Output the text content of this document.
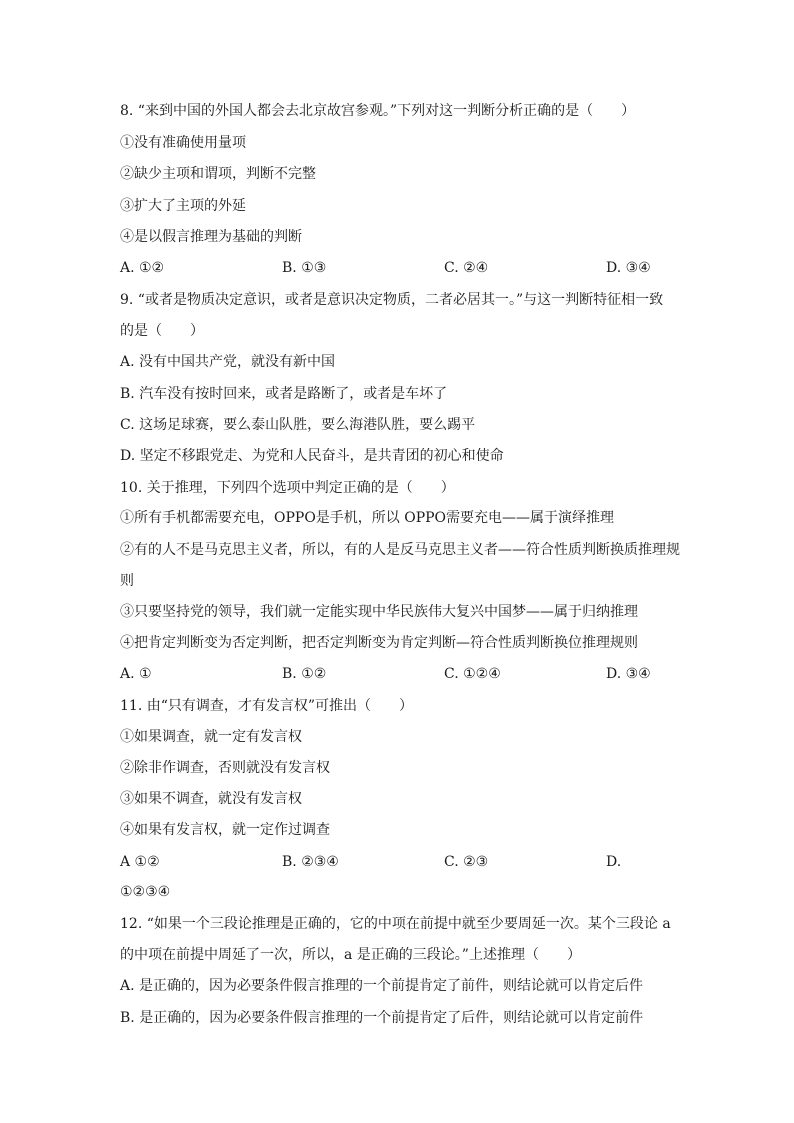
8. “来到中国的外国人都会去北京故宫参观。”下列对这一判断分析正确的是（　　）
①没有准确使用量项
②缺少主项和谓项，判断不完整
③扩大了主项的外延
④是以假言推理为基础的判断
A. ①②	B. ①③	C. ②④	D. ③④
9. “或者是物质决定意识，或者是意识决定物质，二者必居其一。”与这一判断特征相一致
的是（　　）
A. 没有中国共产党，就没有新中国
B. 汽车没有按时回来，或者是路断了，或者是车坏了
C. 这场足球赛，要么泰山队胜，要么海港队胜，要么踢平
D. 坚定不移跟党走、为党和人民奋斗，是共青团的初心和使命
10. 关于推理，下列四个选项中判定正确的是（　　）
①所有手机都需要充电，OPPO是手机，所以 OPPO需要充电——属于演绎推理
②有的人不是马克思主义者，所以，有的人是反马克思主义者——符合性质判断换质推理规
则
③只要坚持党的领导，我们就一定能实现中华民族伟大复兴中国梦——属于归纳推理
④把肯定判断变为否定判断，把否定判断变为肯定判断—符合性质判断换位推理规则
A. ①	B. ①②	C. ①②④	D. ③④
11. 由“只有调查，才有发言权”可推出（　　）
①如果调查，就一定有发言权
②除非作调查，否则就没有发言权
③如果不调查，就没有发言权
④如果有发言权，就一定作过调查
A ①②	B. ②③④	C. ②③	D.
①②③④
12. “如果一个三段论推理是正确的，它的中项在前提中就至少要周延一次。某个三段论 a
的中项在前提中周延了一次，所以，a 是正确的三段论。”上述推理（　　）
A. 是正确的，因为必要条件假言推理的一个前提肯定了前件，则结论就可以肯定后件
B. 是正确的，因为必要条件假言推理的一个前提肯定了后件，则结论就可以肯定前件
